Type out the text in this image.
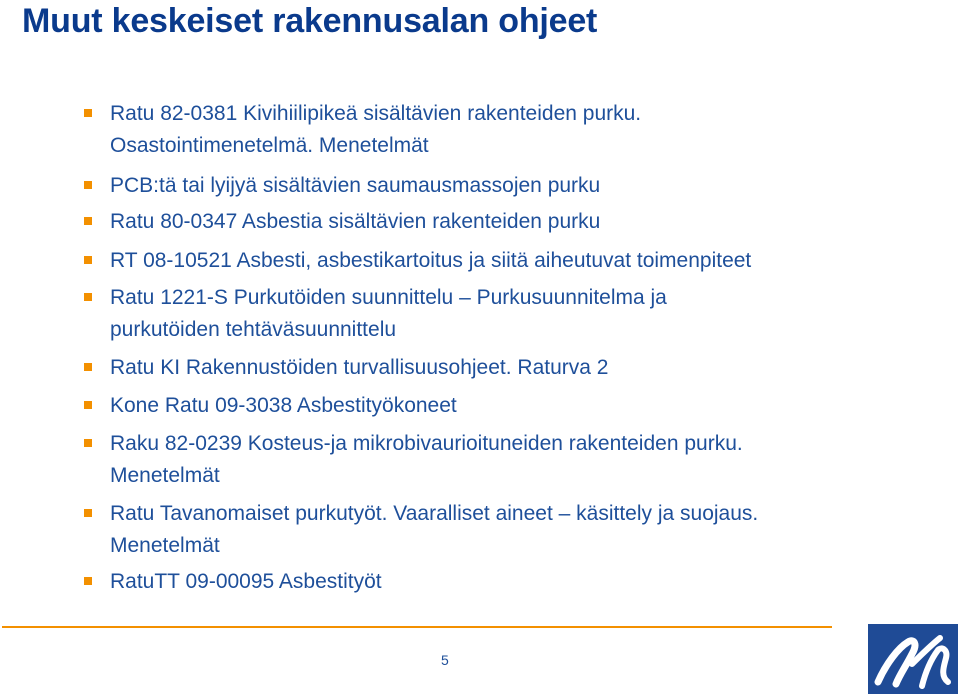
Muut keskeiset rakennusalan ohjeet
Ratu 82-0381 Kivihiilipikeä sisältävien rakenteiden purku.
Osastointimenetelmä. Menetelmät
PCB:tä tai lyijyä sisältävien saumausmassojen purku
Ratu 80-0347 Asbestia sisältävien rakenteiden purku
RT 08-10521 Asbesti, asbestikartoitus ja siitä aiheutuvat toimenpiteet
Ratu 1221-S Purkutöiden suunnittelu – Purkusuunnitelma ja
purkutöiden tehtäväsuunnittelu
Ratu KI Rakennustöiden turvallisuusohjeet. Raturva 2
Kone Ratu 09-3038 Asbestityökoneet
Raku 82-0239 Kosteus-ja mikrobivaurioituneiden rakenteiden purku.
Menetelmät
Ratu Tavanomaiset purkutyöt. Vaaralliset aineet – käsittely ja suojaus.
Menetelmät
RatuTT 09-00095 Asbestityöt
5
